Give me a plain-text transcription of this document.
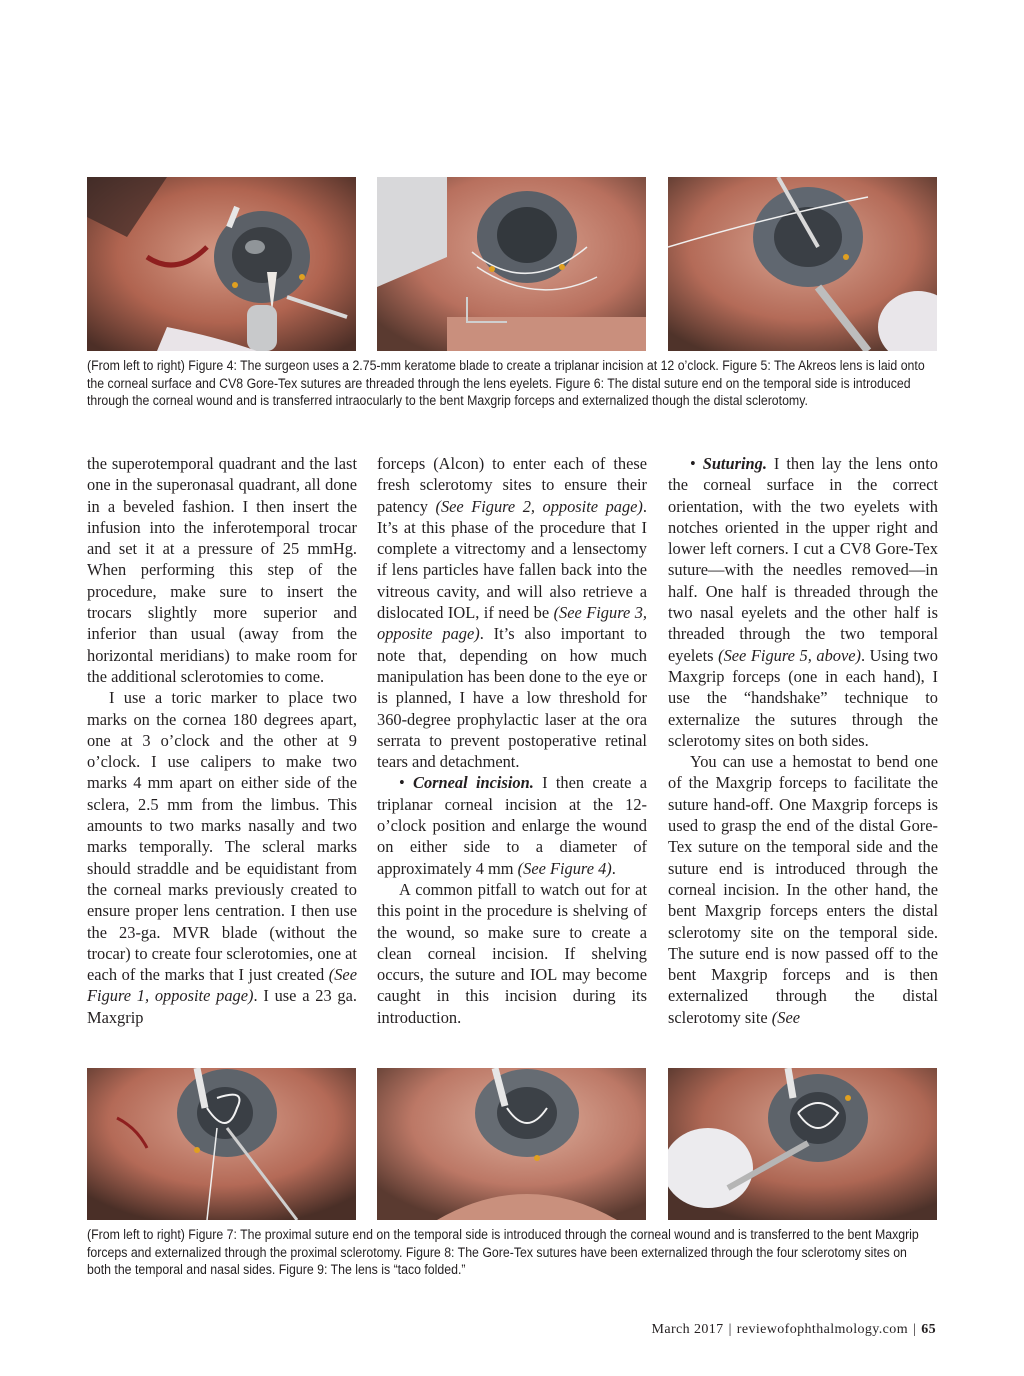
(From left to right) Figure 4: The surgeon uses a 2.75-mm keratome blade to create a triplanar incision at 12 o’clock. Figure 5: The Akreos lens is laid onto the corneal surface and CV8 Gore-Tex sutures are threaded through the lens eyelets. Figure 6: The distal suture end on the temporal side is introduced through the corneal wound and is transferred intraocularly to the bent Maxgrip forceps and externalized though the distal sclerotomy.

the superotemporal quadrant and the last one in the superonasal quadrant, all done in a beveled fashion. I then insert the infusion into the inferotemporal trocar and set it at a pressure of 25 mmHg. When performing this step of the procedure, make sure to insert the trocars slightly more superior and inferior than usual (away from the horizontal meridians) to make room for the additional sclerotomies to come.

I use a toric marker to place two marks on the cornea 180 degrees apart, one at 3 o’clock and the other at 9 o’clock. I use calipers to make two marks 4 mm apart on either side of the sclera, 2.5 mm from the limbus. This amounts to two marks nasally and two marks temporally. The scleral marks should straddle and be equidistant from the corneal marks previously created to ensure proper lens centration. I then use the 23-ga. MVR blade (without the trocar) to create four sclerotomies, one at each of the marks that I just created (See Figure 1, opposite page). I use a 23 ga. Maxgrip

forceps (Alcon) to enter each of these fresh sclerotomy sites to ensure their patency (See Figure 2, opposite page). It’s at this phase of the procedure that I complete a vitrectomy and a lensectomy if lens particles have fallen back into the vitreous cavity, and will also retrieve a dislocated IOL, if need be (See Figure 3, opposite page). It’s also important to note that, depending on how much manipulation has been done to the eye or is planned, I have a low threshold for 360-degree prophylactic laser at the ora serrata to prevent postoperative retinal tears and detachment.

• Corneal incision. I then create a triplanar corneal incision at the 12-o’clock position and enlarge the wound on either side to a diameter of approximately 4 mm (See Figure 4).

A common pitfall to watch out for at this point in the procedure is shelving of the wound, so make sure to create a clean corneal incision. If shelving occurs, the suture and IOL may become caught in this incision during its introduction.

• Suturing. I then lay the lens onto the corneal surface in the correct orientation, with the two eyelets with notches oriented in the upper right and lower left corners. I cut a CV8 Gore-Tex suture—with the needles removed—in half. One half is threaded through the two nasal eyelets and the other half is threaded through the two temporal eyelets (See Figure 5, above). Using two Maxgrip forceps (one in each hand), I use the “handshake” technique to externalize the sutures through the sclerotomy sites on both sides.

You can use a hemostat to bend one of the Maxgrip forceps to facilitate the suture hand-off. One Maxgrip forceps is used to grasp the end of the distal Gore-Tex suture on the temporal side and the suture end is introduced through the corneal incision. In the other hand, the bent Maxgrip forceps enters the distal sclerotomy site on the temporal side. The suture end is now passed off to the bent Maxgrip forceps and is then externalized through the distal sclerotomy site (See

(From left to right) Figure 7: The proximal suture end on the temporal side is introduced through the corneal wound and is transferred to the bent Maxgrip forceps and externalized through the proximal sclerotomy. Figure 8: The Gore-Tex sutures have been externalized through the four sclerotomy sites on both the temporal and nasal sides. Figure 9: The lens is “taco folded.”
March 2017 | reviewofophthalmology.com | 65
